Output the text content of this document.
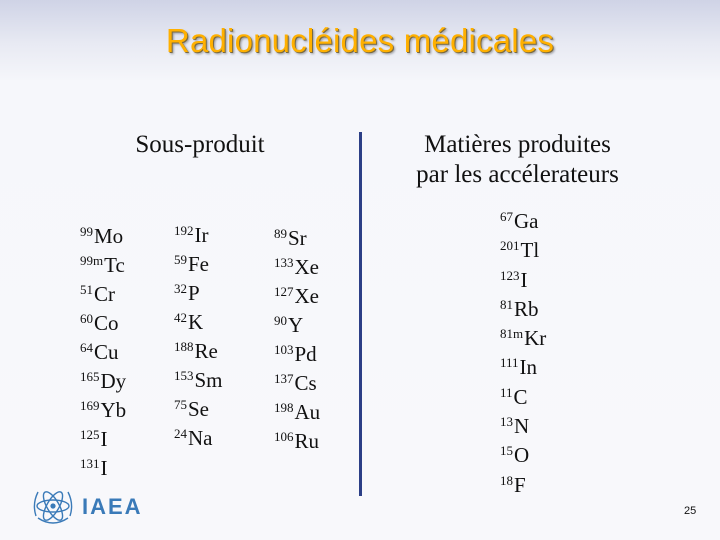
Radionucléides médicales
Sous-produit	Matières produites
par les accélerateurs
$^{99}$Mo
$^{99m}$Tc
$^{51}$Cr
$^{60}$Co
$^{64}$Cu
$^{165}$Dy
$^{169}$Yb
$^{125}$I
$^{131}$I
$^{192}$Ir
$^{59}$Fe
$^{32}$P
$^{42}$K
$^{188}$Re
$^{153}$Sm
$^{75}$Se
$^{24}$Na
$^{89}$Sr
$^{133}$Xe
$^{127}$Xe
$^{90}$Y
$^{103}$Pd
$^{137}$Cs
$^{198}$Au
$^{106}$Ru
$^{67}$Ga
$^{201}$Tl
$^{123}$I
$^{81}$Rb
$^{81m}$Kr
$^{111}$In
$^{11}$C
$^{13}$N
$^{15}$O
$^{18}$F
IAEA	25
